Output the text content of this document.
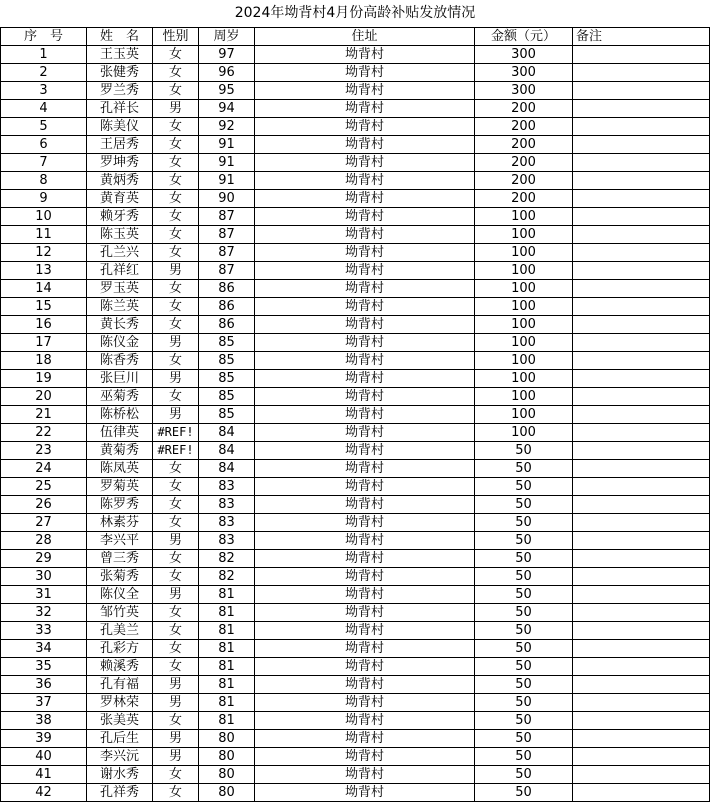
2024年坳背村4月份高龄补贴发放情况
序　号	姓　名	性别	周岁	住址	金额（元）	备注
1	王玉英	女	97	坳背村	300	
2	张健秀	女	96	坳背村	300	
3	罗兰秀	女	95	坳背村	300	
4	孔祥长	男	94	坳背村	200	
5	陈美仪	女	92	坳背村	200	
6	王居秀	女	91	坳背村	200	
7	罗坤秀	女	91	坳背村	200	
8	黄炳秀	女	91	坳背村	200	
9	黄育英	女	90	坳背村	200	
10	赖牙秀	女	87	坳背村	100	
11	陈玉英	女	87	坳背村	100	
12	孔兰兴	女	87	坳背村	100	
13	孔祥红	男	87	坳背村	100	
14	罗玉英	女	86	坳背村	100	
15	陈兰英	女	86	坳背村	100	
16	黄长秀	女	86	坳背村	100	
17	陈仪金	男	85	坳背村	100	
18	陈香秀	女	85	坳背村	100	
19	张巨川	男	85	坳背村	100	
20	巫菊秀	女	85	坳背村	100	
21	陈桥松	男	85	坳背村	100	
22	伍律英	#REF!	84	坳背村	100	
23	黄菊秀	#REF!	84	坳背村	50	
24	陈凤英	女	84	坳背村	50	
25	罗菊英	女	83	坳背村	50	
26	陈罗秀	女	83	坳背村	50	
27	林素芬	女	83	坳背村	50	
28	李兴平	男	83	坳背村	50	
29	曾三秀	女	82	坳背村	50	
30	张菊秀	女	82	坳背村	50	
31	陈仪全	男	81	坳背村	50	
32	邹竹英	女	81	坳背村	50	
33	孔美兰	女	81	坳背村	50	
34	孔彩方	女	81	坳背村	50	
35	赖溪秀	女	81	坳背村	50	
36	孔有福	男	81	坳背村	50	
37	罗林荣	男	81	坳背村	50	
38	张美英	女	81	坳背村	50	
39	孔后生	男	80	坳背村	50	
40	李兴沅	男	80	坳背村	50	
41	谢水秀	女	80	坳背村	50	
42	孔祥秀	女	80	坳背村	50	
